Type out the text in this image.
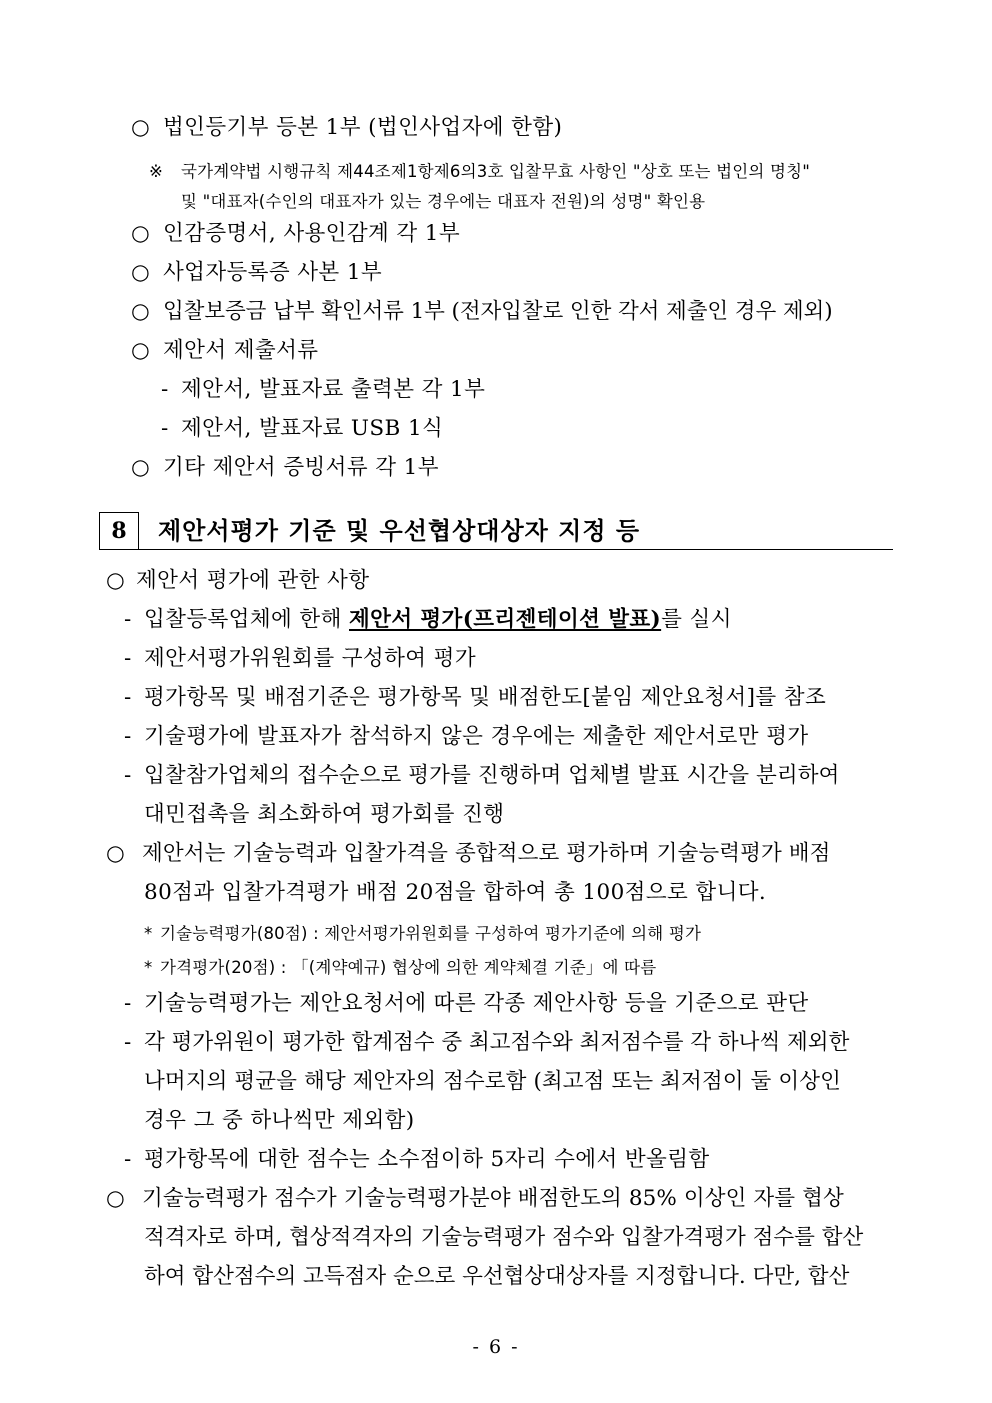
○ 법인등기부 등본 1부 (법인사업자에 한함)
※ 국가계약법 시행규칙 제44조제1항제6의3호 입찰무효 사항인 "상호 또는 법인의 명칭"
및 "대표자(수인의 대표자가 있는 경우에는 대표자 전원)의 성명" 확인용
○ 인감증명서, 사용인감계 각 1부
○ 사업자등록증 사본 1부
○ 입찰보증금 납부 확인서류 1부 (전자입찰로 인한 각서 제출인 경우 제외)
○ 제안서 제출서류
- 제안서, 발표자료 출력본 각 1부
- 제안서, 발표자료 USB 1식
○ 기타 제안서 증빙서류 각 1부
8	제안서평가 기준 및 우선협상대상자 지정 등
○ 제안서 평가에 관한 사항
- 입찰등록업체에 한해 제안서 평가(프리젠테이션 발표)를 실시
- 제안서평가위원회를 구성하여 평가
- 평가항목 및 배점기준은 평가항목 및 배점한도[붙임 제안요청서]를 참조
- 기술평가에 발표자가 참석하지 않은 경우에는 제출한 제안서로만 평가
- 입찰참가업체의 접수순으로 평가를 진행하며 업체별 발표 시간을 분리하여
대민접촉을 최소화하여 평가회를 진행
○ 제안서는 기술능력과 입찰가격을 종합적으로 평가하며 기술능력평가 배점
80점과 입찰가격평가 배점 20점을 합하여 총 100점으로 합니다.
* 기술능력평가(80점) : 제안서평가위원회를 구성하여 평가기준에 의해 평가
* 가격평가(20점) : 「(계약예규) 협상에 의한 계약체결 기준」에 따름
- 기술능력평가는 제안요청서에 따른 각종 제안사항 등을 기준으로 판단
- 각 평가위원이 평가한 합계점수 중 최고점수와 최저점수를 각 하나씩 제외한
나머지의 평균을 해당 제안자의 점수로함 (최고점 또는 최저점이 둘 이상인
경우 그 중 하나씩만 제외함)
- 평가항목에 대한 점수는 소수점이하 5자리 수에서 반올림함
○ 기술능력평가 점수가 기술능력평가분야 배점한도의 85% 이상인 자를 협상
적격자로 하며, 협상적격자의 기술능력평가 점수와 입찰가격평가 점수를 합산
하여 합산점수의 고득점자 순으로 우선협상대상자를 지정합니다. 다만, 합산
- 6 -
